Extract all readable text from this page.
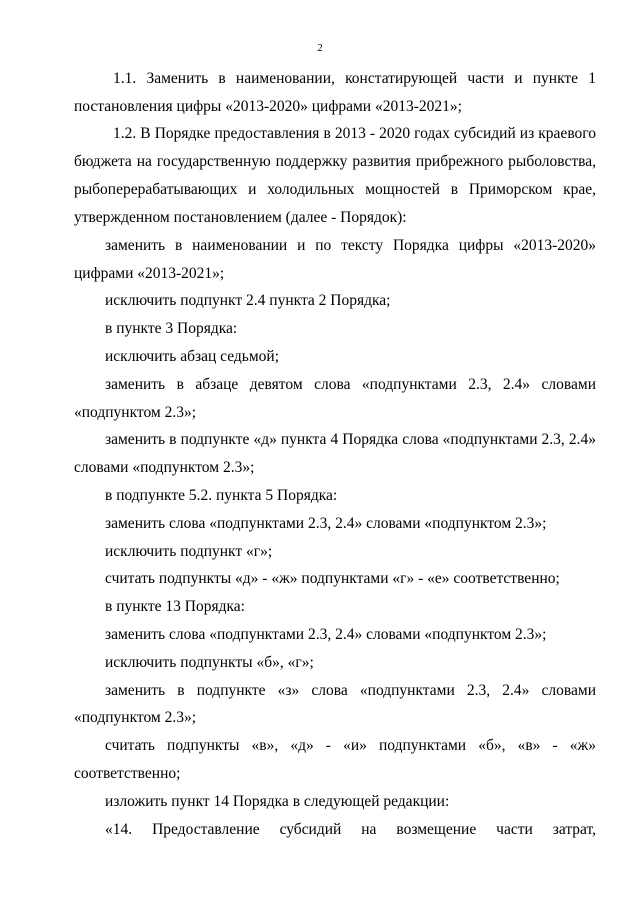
2
1.1. Заменить в наименовании, констатирующей части и пункте 1
постановления цифры «2013-2020» цифрами «2013-2021»;
1.2. В Порядке предоставления в 2013 - 2020 годах субсидий из краевого
бюджета на государственную поддержку развития прибрежного рыболовства,
рыбоперерабатывающих и холодильных мощностей в Приморском крае,
утвержденном постановлением (далее - Порядок):
заменить в наименовании и по тексту Порядка цифры «2013-2020»
цифрами «2013-2021»;
исключить подпункт 2.4 пункта 2 Порядка;
в пункте 3 Порядка:
исключить абзац седьмой;
заменить в абзаце девятом слова «подпунктами 2.3, 2.4» словами
«подпунктом 2.3»;
заменить в подпункте «д» пункта 4 Порядка слова «подпунктами 2.3, 2.4»
словами «подпунктом 2.3»;
в подпункте 5.2. пункта 5 Порядка:
заменить слова «подпунктами 2.3, 2.4» словами «подпунктом 2.3»;
исключить подпункт «г»;
считать подпункты «д» - «ж» подпунктами «г» - «е» соответственно;
в пункте 13 Порядка:
заменить слова «подпунктами 2.3, 2.4» словами «подпунктом 2.3»;
исключить подпункты «б», «г»;
заменить в подпункте «з» слова «подпунктами 2.3, 2.4» словами
«подпунктом 2.3»;
считать подпункты «в», «д» - «и» подпунктами «б», «в» - «ж»
соответственно;
изложить пункт 14 Порядка в следующей редакции:
«14. Предоставление субсидий на возмещение части затрат,
